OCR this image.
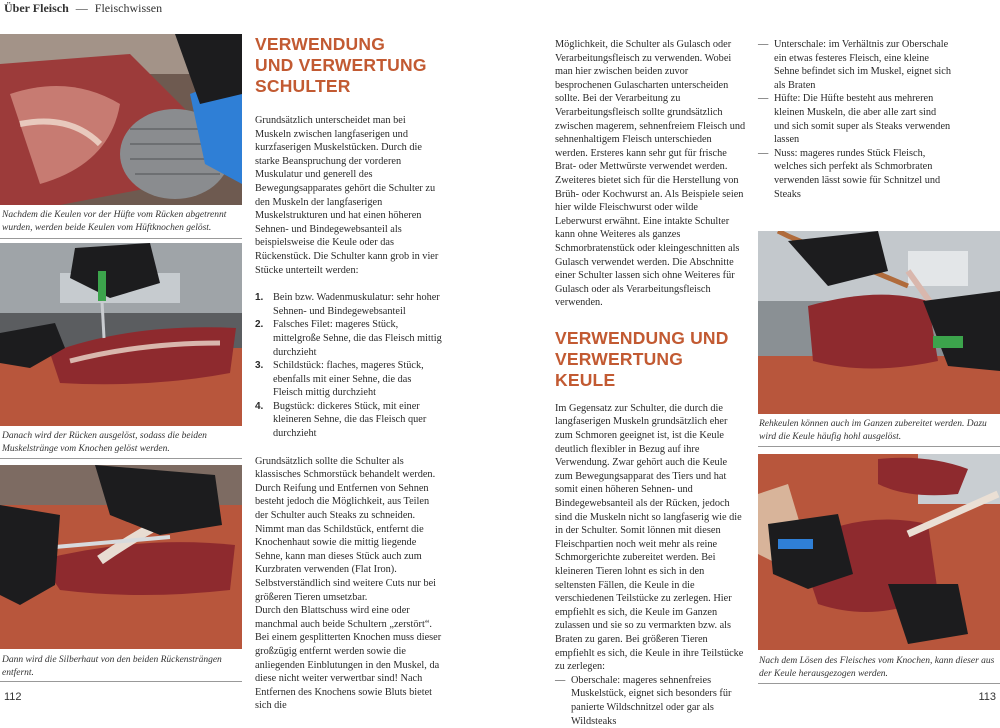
Über Fleisch — Fleischwissen
Nachdem die Keulen vor der Hüfte vom Rücken abgetrennt wurden, werden beide Keulen vom Hüftknochen gelöst.
Danach wird der Rücken ausgelöst, sodass die beiden Muskelstränge vom Knochen gelöst werden.
Dann wird die Silberhaut von den beiden Rückensträngen entfernt.
VERWENDUNG
UND VERWERTUNG
SCHULTER

Grundsätzlich unterscheidet man bei Muskeln zwischen langfaserigen und kurzfaserigen Muskelstücken. Durch die starke Beanspruchung der vorderen Muskulatur und generell des Bewegungsapparates gehört die Schulter zu den Muskeln der langfaserigen Muskelstrukturen und hat einen höheren Sehnen- und Bindegewebsanteil als beispielsweise die Keule oder das Rückenstück. Die Schulter kann grob in vier Stücke unterteilt werden:

1. Bein bzw. Wadenmuskulatur: sehr hoher Sehnen- und Bindegewebsanteil
2. Falsches Filet: mageres Stück, mittelgroße Sehne, die das Fleisch mittig durchzieht
3. Schildstück: flaches, mageres Stück, ebenfalls mit einer Sehne, die das Fleisch mittig durchzieht
4. Bugstück: dickeres Stück, mit einer kleineren Sehne, die das Fleisch quer durchzieht

Grundsätzlich sollte die Schulter als klassisches Schmorstück behandelt werden. Durch Reifung und Entfernen von Sehnen besteht jedoch die Möglichkeit, aus Teilen der Schulter auch Steaks zu schneiden. Nimmt man das Schildstück, entfernt die Knochenhaut sowie die mittig liegende Sehne, kann man dieses Stück auch zum Kurzbraten verwenden (Flat Iron). Selbstverständlich sind weitere Cuts nur bei größeren Tieren umsetzbar.

Durch den Blattschuss wird eine oder manchmal auch beide Schultern „zerstört“. Bei einem gesplitterten Knochen muss dieser großzügig entfernt werden sowie die anliegenden Einblutungen in den Muskel, da diese nicht weiter verwertbar sind! Nach Entfernen des Knochens sowie Bluts bietet sich die

Möglichkeit, die Schulter als Gulasch oder Verarbeitungsfleisch zu verwenden. Wobei man hier zwischen beiden zuvor besprochenen Gulascharten unterscheiden sollte. Bei der Verarbeitung zu Verarbeitungsfleisch sollte grundsätzlich zwischen magerem, sehnenfreiem Fleisch und sehnenhaltigem Fleisch unterschieden werden. Ersteres kann sehr gut für frische Brat- oder Mettwürste verwendet werden. Zweiteres bietet sich für die Herstellung von Brüh- oder Kochwurst an. Als Beispiele seien hier wilde Fleischwurst oder wilde Leberwurst erwähnt. Eine intakte Schulter kann ohne Weiteres als ganzes Schmorbratenstück oder kleingeschnitten als Gulasch verwendet werden. Die Abschnitte einer Schulter lassen sich ohne Weiteres für Gulasch oder als Verarbeitungsfleisch verwenden.

VERWENDUNG UND
VERWERTUNG KEULE

Im Gegensatz zur Schulter, die durch die langfaserigen Muskeln grundsätzlich eher zum Schmoren geeignet ist, ist die Keule deutlich flexibler in Bezug auf ihre Verwendung. Zwar gehört auch die Keule zum Bewegungsapparat des Tiers und hat somit einen höheren Sehnen- und Bindegewebsanteil als der Rücken, jedoch sind die Muskeln nicht so langfaserig wie die in der Schulter. Somit lönnen mit diesen Fleischpartien noch weit mehr als reine Schmorgerichte zubereitet werden. Bei kleineren Tieren lohnt es sich in den seltensten Fällen, die Keule in die verschiedenen Teilstücke zu zerlegen. Hier empfiehlt es sich, die Keule im Ganzen zulassen und sie so zu vermarkten bzw. als Braten zu garen. Bei größeren Tieren empfiehlt es sich, die Keule in ihre Teilstücke zu zerlegen:

— Oberschale: mageres sehnenfreies Muskelstück, eignet sich besonders für panierte Wildschnitzel oder gar als Wildsteaks
— Unterschale: im Verhältnis zur Oberschale ein etwas festeres Fleisch, eine kleine Sehne befindet sich im Muskel, eignet sich als Braten
— Hüfte: Die Hüfte besteht aus mehreren kleinen Muskeln, die aber alle zart sind und sich somit super als Steaks verwenden lassen
— Nuss: mageres rundes Stück Fleisch, welches sich perfekt als Schmorbraten verwenden lässt sowie für Schnitzel und Steaks
Rehkeulen können auch im Ganzen zubereitet werden. Dazu wird die Keule häufig hohl ausgelöst.
Nach dem Lösen des Fleisches vom Knochen, kann dieser aus der Keule herausgezogen werden.
112	113
